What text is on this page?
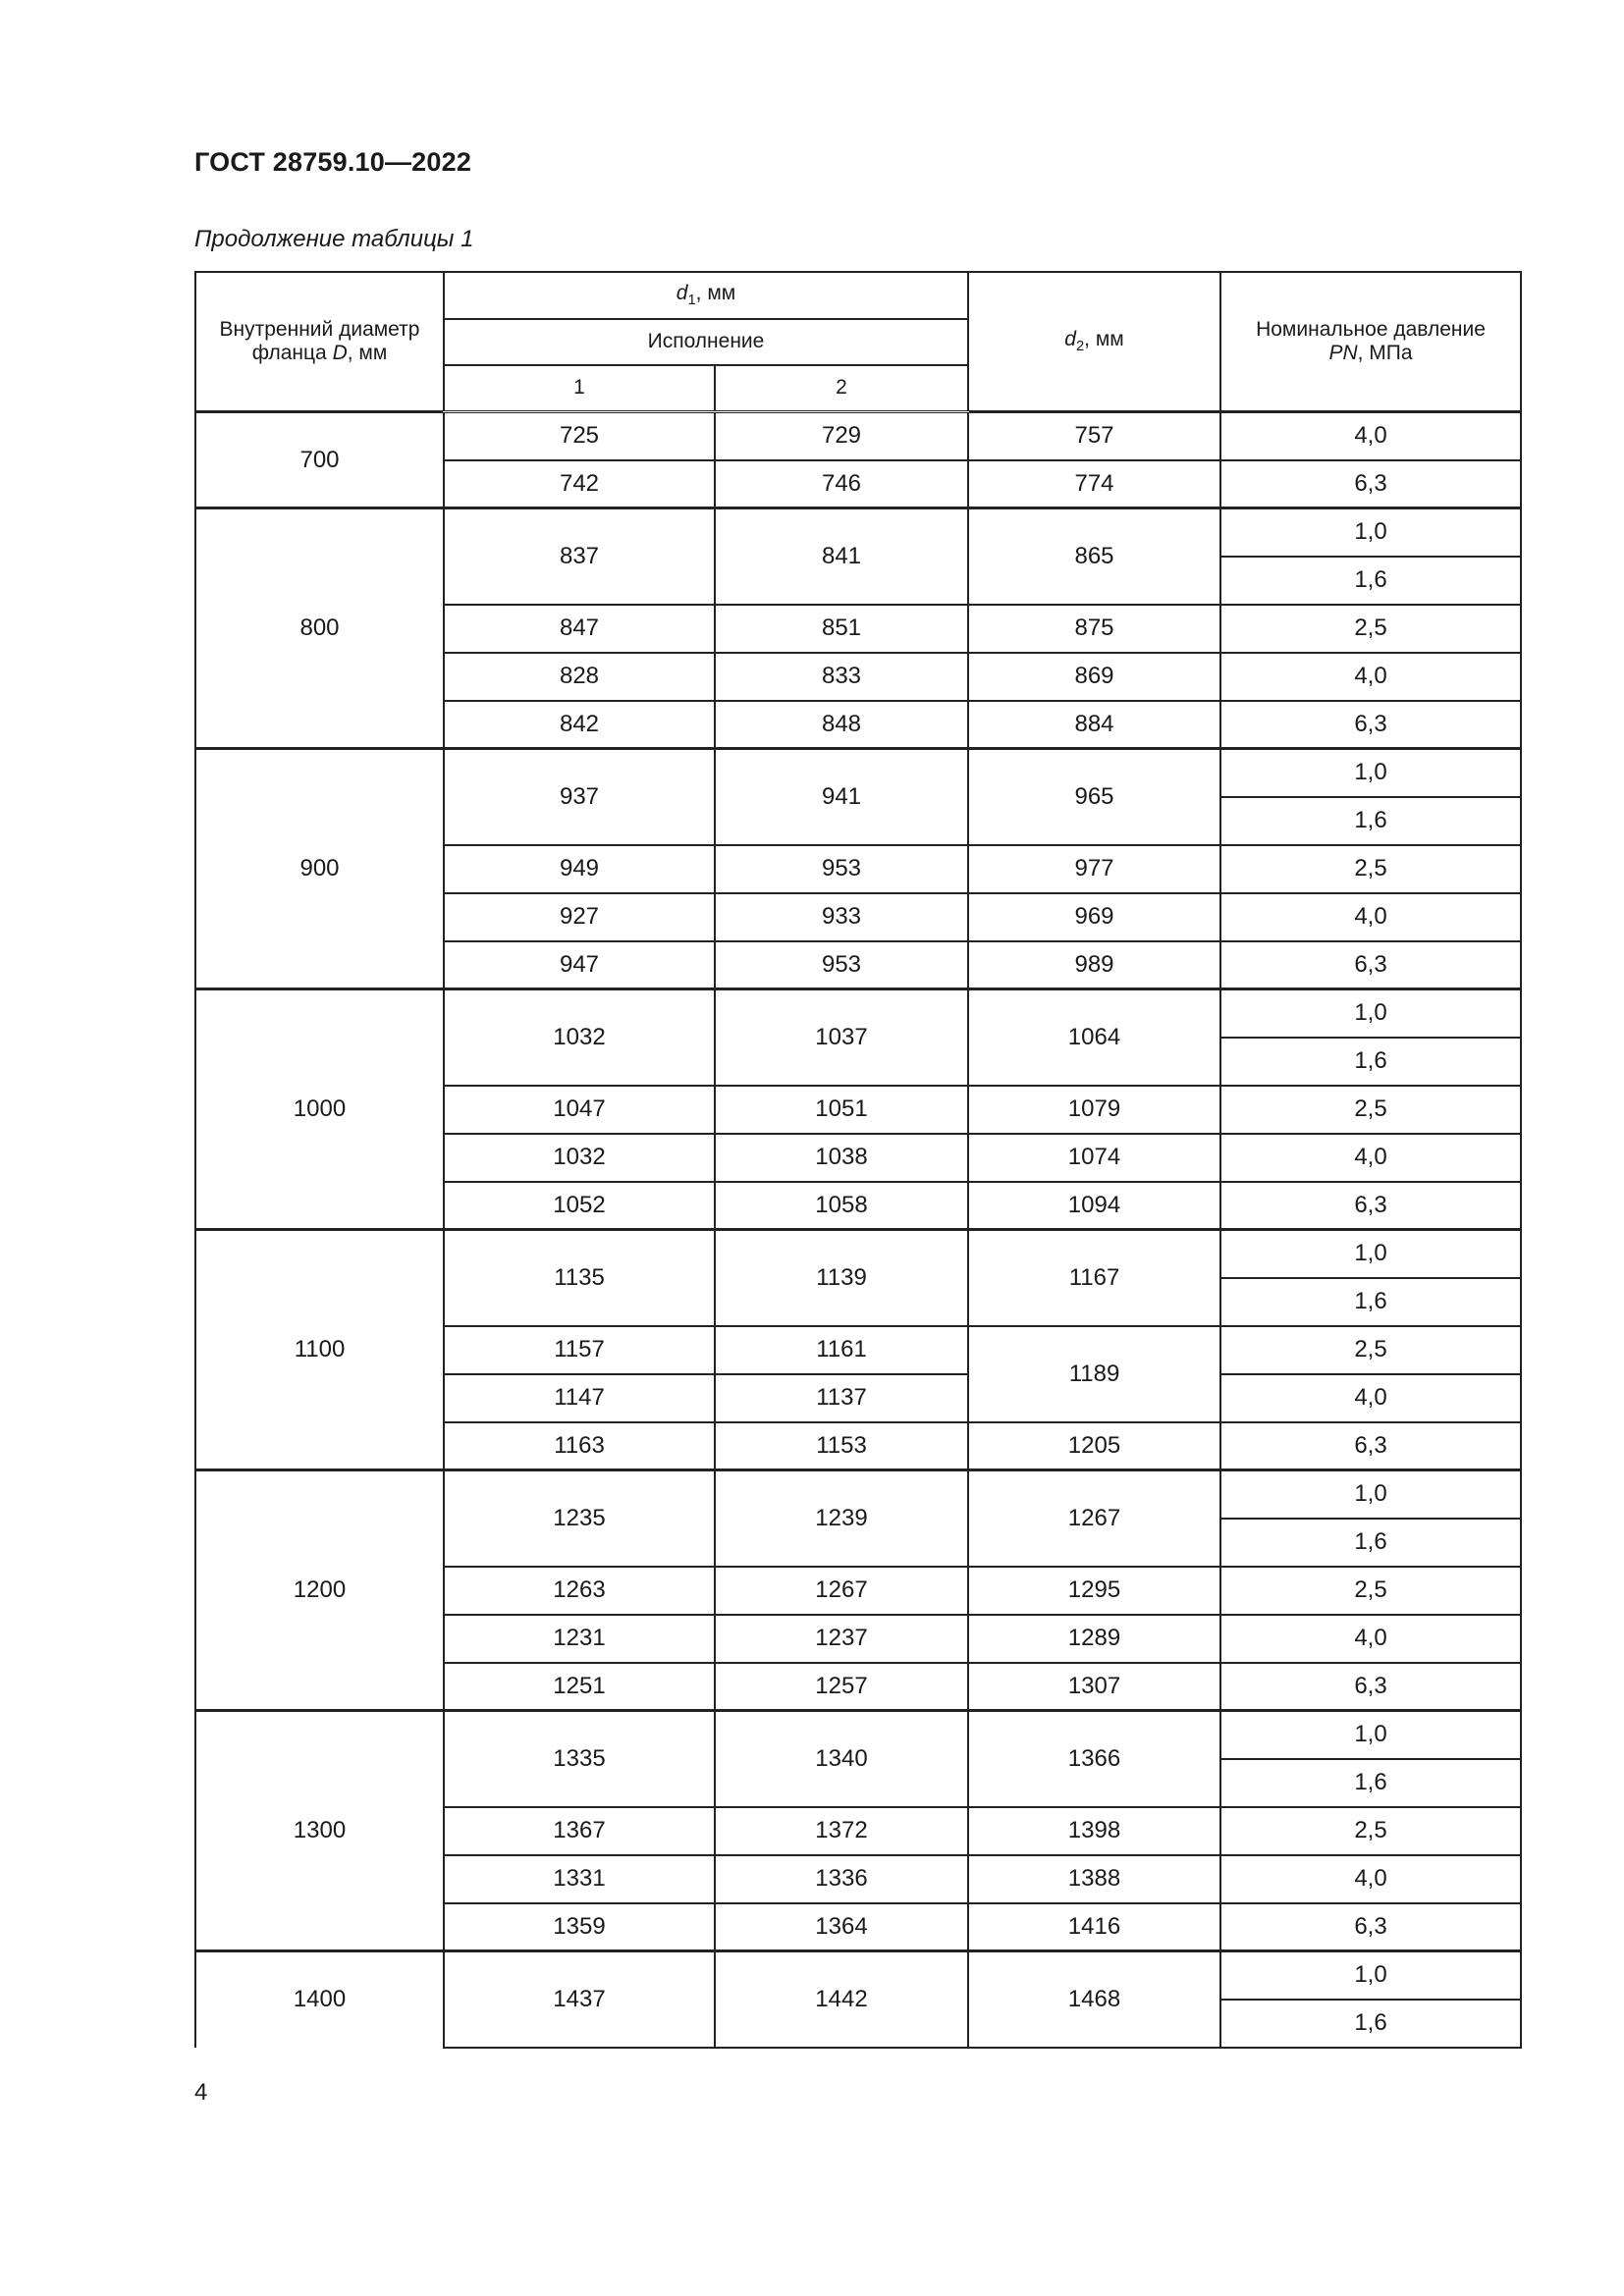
ГОСТ 28759.10—2022
Продолжение таблицы 1
Внутренний диаметр
фланца D, мм	$d_1$, мм		$d_2$, мм	Номинальное давление
PN, МПа
	Исполнение			
	1	2		
700	725	729	757	4,0
	742	746	774	6,3
800	837	841	865	1,0
				1,6
	847	851	875	2,5
	828	833	869	4,0
	842	848	884	6,3
900	937	941	965	1,0
				1,6
	949	953	977	2,5
	927	933	969	4,0
	947	953	989	6,3
1000	1032	1037	1064	1,0
				1,6
	1047	1051	1079	2,5
	1032	1038	1074	4,0
	1052	1058	1094	6,3
1100	1135	1139	1167	1,0
				1,6
	1157	1161	1189	2,5
	1147	1137		4,0
	1163	1153	1205	6,3
1200	1235	1239	1267	1,0
				1,6
	1263	1267	1295	2,5
	1231	1237	1289	4,0
	1251	1257	1307	6,3
1300	1335	1340	1366	1,0
				1,6
	1367	1372	1398	2,5
	1331	1336	1388	4,0
	1359	1364	1416	6,3
1400	1437	1442	1468	1,0
				1,6
4
